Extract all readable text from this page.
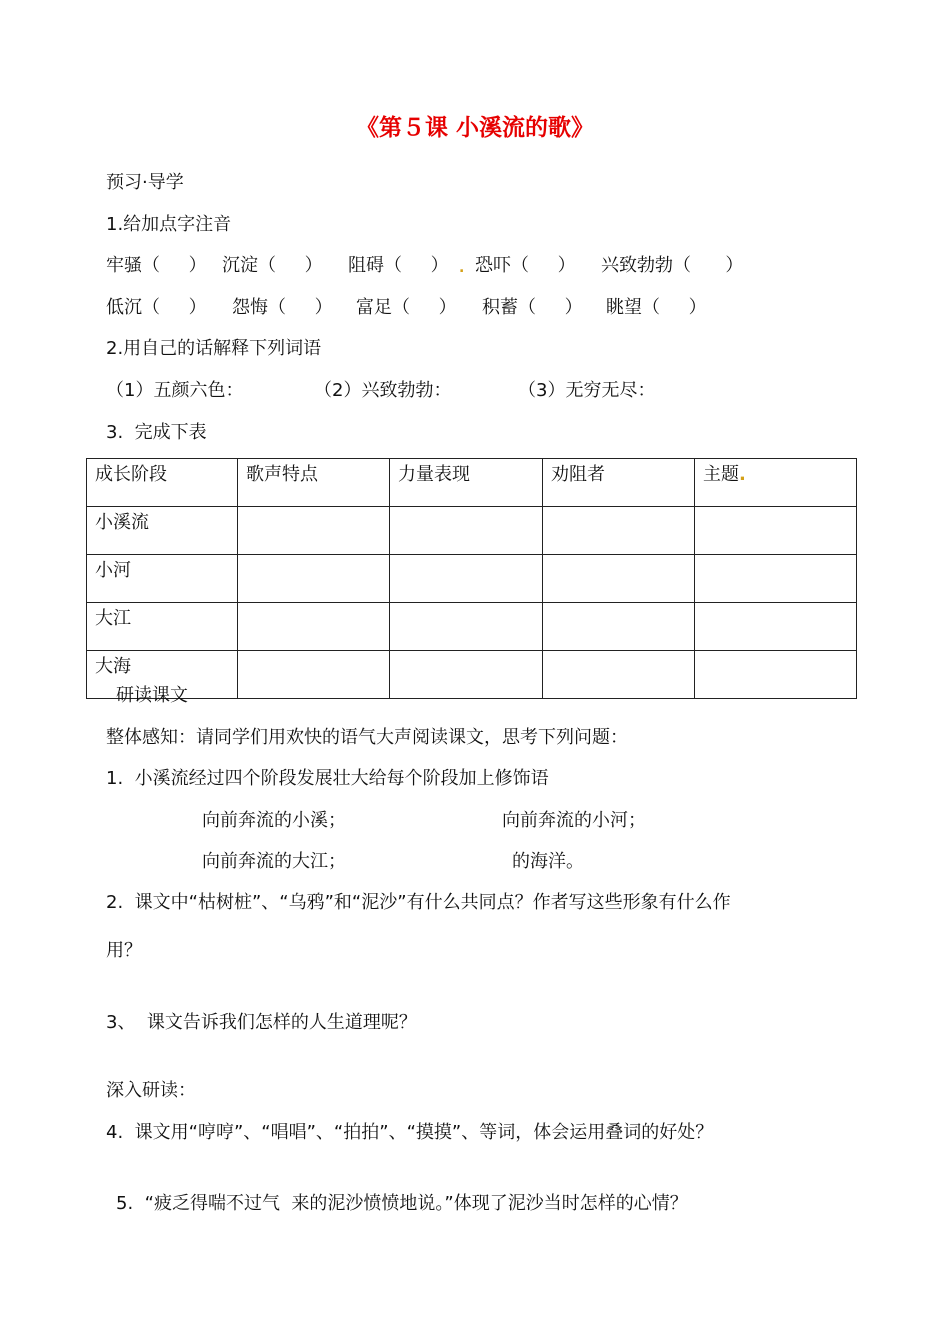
《第５课 小溪流的歌》
预习·导学
1.给加点字注音
牢骚（     ） 沉淀（     ） 阻碍（     ） . 恐吓（     ） 兴致勃勃（      ）
低沉（     ） 怨悔（     ） 富足（     ） 积蓄（     ） 眺望（     ）
2.用自己的话解释下列词语
（1）五颜六色：	（2）兴致勃勃：	（3）无穷无尽：
3.  完成下表
成长阶段	歌声特点	力量表现	劝阻者	主题.
小溪流				
小河				
大江				
大海				
研读课文
整体感知：请同学们用欢快的语气大声阅读课文，思考下列问题：
1.  小溪流经过四个阶段发展壮大给每个阶段加上修饰语
向前奔流的小溪；	向前奔流的小河；
向前奔流的大江；	的海洋。
2.  课文中“枯树桩”、“乌鸦”和“泥沙”有什么共同点？作者写这些形象有什么作
用？
3、  课文告诉我们怎样的人生道理呢？
深入研读：
4.  课文用“哼哼”、“唱唱”、“拍拍”、“摸摸”、等词，体会运用叠词的好处？
5.  “疲乏得喘不过气  来的泥沙愤愤地说。”体现了泥沙当时怎样的心情？
